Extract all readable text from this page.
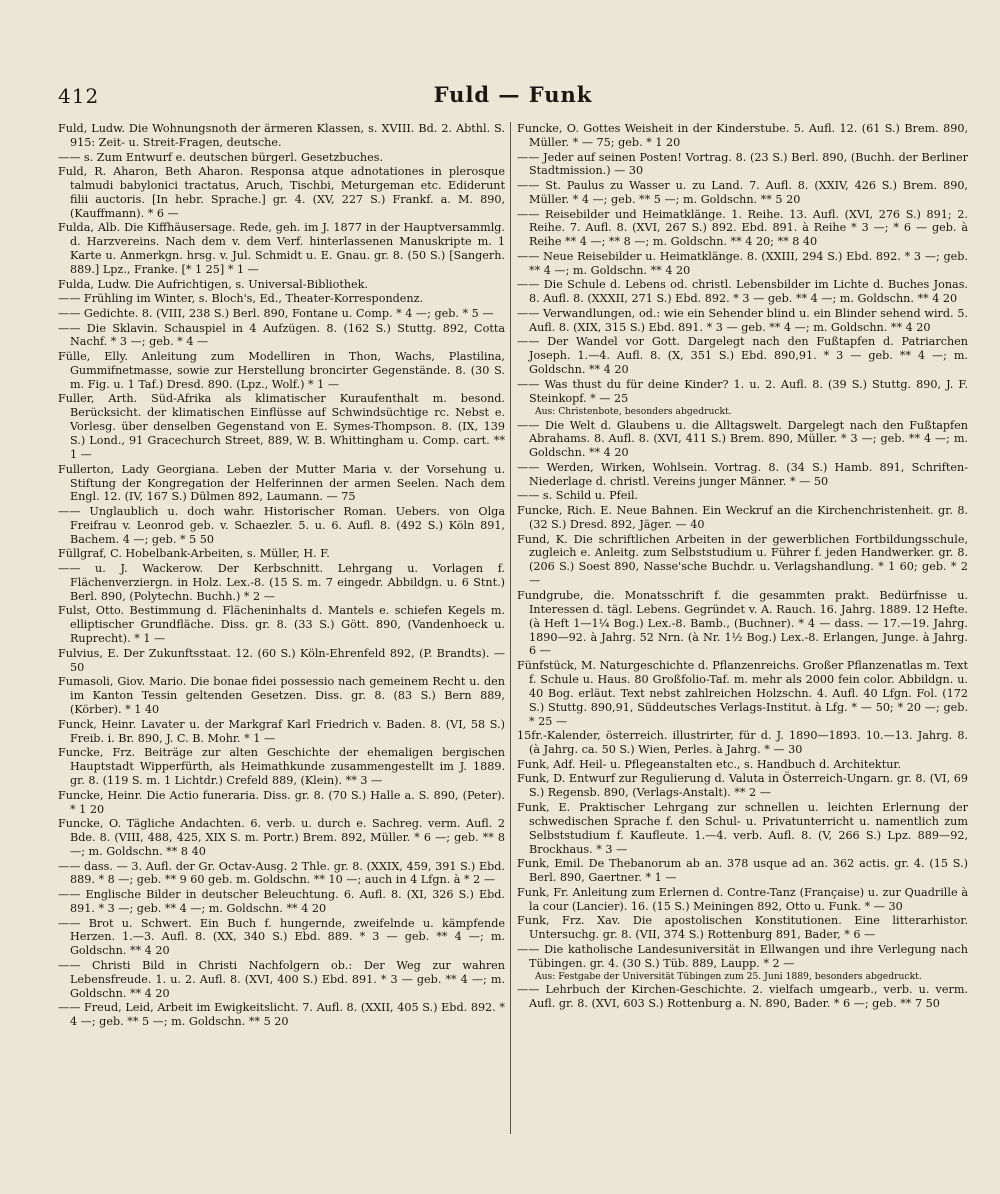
412	Fuld — Funk

Fuld, Ludw. Die Wohnungsnoth der ärmeren Klassen, s. XVIII. Bd. 2. Abthl. S. 915: Zeit- u. Streit-Fragen, deutsche.

—— s. Zum Entwurf e. deutschen bürgerl. Gesetzbuches.

Fuld, R. Aharon, Beth Aharon. Responsa atque adnotationes in plerosque talmudi babylonici tractatus, Aruch, Tischbi, Meturgeman etc. Ediderunt filii auctoris. [In hebr. Sprache.] gr. 4. (XV, 227 S.) Frankf. a. M. 890, (Kauffmann). * 6 —

Fulda, Alb. Die Kiffhäusersage. Rede, geh. im J. 1877 in der Hauptversammlg. d. Harzvereins. Nach dem v. dem Verf. hinterlassenen Manuskripte m. 1 Karte u. Anmerkgn. hrsg. v. Jul. Schmidt u. E. Gnau. gr. 8. (50 S.) [Sangerh. 889.] Lpz., Franke. [* 1 25] * 1 —

Fulda, Ludw. Die Aufrichtigen, s. Universal-Bibliothek.

—— Frühling im Winter, s. Bloch's, Ed., Theater-Korrespondenz.

—— Gedichte. 8. (VIII, 238 S.) Berl. 890, Fontane u. Comp. * 4 —; geb. * 5 —

—— Die Sklavin. Schauspiel in 4 Aufzügen. 8. (162 S.) Stuttg. 892, Cotta Nachf. * 3 —; geb. * 4 —

Fülle, Elly. Anleitung zum Modelliren in Thon, Wachs, Plastilina, Gummifnetmasse, sowie zur Herstellung broncirter Gegenstände. 8. (30 S. m. Fig. u. 1 Taf.) Dresd. 890. (Lpz., Wolf.) * 1 —

Fuller, Arth. Süd-Afrika als klimatischer Kuraufenthalt m. besond. Berücksicht. der klimatischen Einflüsse auf Schwindsüchtige rc. Nebst e. Vorlesg. über denselben Gegenstand von E. Symes-Thompson. 8. (IX, 139 S.) Lond., 91 Gracechurch Street, 889, W. B. Whittingham u. Comp. cart. ** 1 —

Fullerton, Lady Georgiana. Leben der Mutter Maria v. der Vorsehung u. Stiftung der Kongregation der Helferinnen der armen Seelen. Nach dem Engl. 12. (IV, 167 S.) Dülmen 892, Laumann. — 75

—— Unglaublich u. doch wahr. Historischer Roman. Uebers. von Olga Freifrau v. Leonrod geb. v. Schaezler. 5. u. 6. Aufl. 8. (492 S.) Köln 891, Bachem. 4 —; geb. * 5 50

Füllgraf, C. Hobelbank-Arbeiten, s. Müller, H. F.

—— u. J. Wackerow. Der Kerbschnitt. Lehrgang u. Vorlagen f. Flächenverziergn. in Holz. Lex.-8. (15 S. m. 7 eingedr. Abbildgn. u. 6 Stnt.) Berl. 890, (Polytechn. Buchh.) * 2 —

Fulst, Otto. Bestimmung d. Flächeninhalts d. Mantels e. schiefen Kegels m. elliptischer Grundfläche. Diss. gr. 8. (33 S.) Gött. 890, (Vandenhoeck u. Ruprecht). * 1 —

Fulvius, E. Der Zukunftsstaat. 12. (60 S.) Köln-Ehrenfeld 892, (P. Brandts). — 50

Fumasoli, Giov. Mario. Die bonae fidei possessio nach gemeinem Recht u. den im Kanton Tessin geltenden Gesetzen. Diss. gr. 8. (83 S.) Bern 889, (Körber). * 1 40

Funck, Heinr. Lavater u. der Markgraf Karl Friedrich v. Baden. 8. (VI, 58 S.) Freib. i. Br. 890, J. C. B. Mohr. * 1 —

Funcke, Frz. Beiträge zur alten Geschichte der ehemaligen bergischen Hauptstadt Wipperfürth, als Heimathkunde zusammengestellt im J. 1889. gr. 8. (119 S. m. 1 Lichtdr.) Crefeld 889, (Klein). ** 3 —

Funcke, Heinr. Die Actio funeraria. Diss. gr. 8. (70 S.) Halle a. S. 890, (Peter). * 1 20

Funcke, O. Tägliche Andachten. 6. verb. u. durch e. Sachreg. verm. Aufl. 2 Bde. 8. (VIII, 488, 425, XIX S. m. Portr.) Brem. 892, Müller. * 6 —; geb. ** 8 —; m. Goldschn. ** 8 40

—— dass. — 3. Aufl. der Gr. Octav-Ausg. 2 Thle. gr. 8. (XXIX, 459, 391 S.) Ebd. 889. * 8 —; geb. ** 9 60 geb. m. Goldschn. ** 10 —; auch in 4 Lfgn. à * 2 —

—— Englische Bilder in deutscher Beleuchtung. 6. Aufl. 8. (XI, 326 S.) Ebd. 891. * 3 —; geb. ** 4 —; m. Goldschn. ** 4 20

—— Brot u. Schwert. Ein Buch f. hungernde, zweifelnde u. kämpfende Herzen. 1.—3. Aufl. 8. (XX, 340 S.) Ebd. 889. * 3 — geb. ** 4 —; m. Goldschn. ** 4 20

—— Christi Bild in Christi Nachfolgern ob.: Der Weg zur wahren Lebensfreude. 1. u. 2. Aufl. 8. (XVI, 400 S.) Ebd. 891. * 3 — geb. ** 4 —; m. Goldschn. ** 4 20

—— Freud, Leid, Arbeit im Ewigkeitslicht. 7. Aufl. 8. (XXII, 405 S.) Ebd. 892. * 4 —; geb. ** 5 —; m. Goldschn. ** 5 20

Funcke, O. Gottes Weisheit in der Kinderstube. 5. Aufl. 12. (61 S.) Brem. 890, Müller. * — 75; geb. * 1 20

—— Jeder auf seinen Posten! Vortrag. 8. (23 S.) Berl. 890, (Buchh. der Berliner Stadtmission.) — 30

—— St. Paulus zu Wasser u. zu Land. 7. Aufl. 8. (XXIV, 426 S.) Brem. 890, Müller. * 4 —; geb. ** 5 —; m. Goldschn. ** 5 20

—— Reisebilder und Heimatklänge. 1. Reihe. 13. Aufl. (XVI, 276 S.) 891; 2. Reihe. 7. Aufl. 8. (XVI, 267 S.) 892. Ebd. 891. à Reihe * 3 —; * 6 — geb. à Reihe ** 4 —; ** 8 —; m. Goldschn. ** 4 20; ** 8 40

—— Neue Reisebilder u. Heimatklänge. 8. (XXIII, 294 S.) Ebd. 892. * 3 —; geb. ** 4 —; m. Goldschn. ** 4 20

—— Die Schule d. Lebens od. christl. Lebensbilder im Lichte d. Buches Jonas. 8. Aufl. 8. (XXXII, 271 S.) Ebd. 892. * 3 — geb. ** 4 —; m. Goldschn. ** 4 20

—— Verwandlungen, od.: wie ein Sehender blind u. ein Blinder sehend wird. 5. Aufl. 8. (XIX, 315 S.) Ebd. 891. * 3 — geb. ** 4 —; m. Goldschn. ** 4 20

—— Der Wandel vor Gott. Dargelegt nach den Fußtapfen d. Patriarchen Joseph. 1.—4. Aufl. 8. (X, 351 S.) Ebd. 890,91. * 3 — geb. ** 4 —; m. Goldschn. ** 4 20

—— Was thust du für deine Kinder? 1. u. 2. Aufl. 8. (39 S.) Stuttg. 890, J. F. Steinkopf. * — 25

Aus: Christenbote, besonders abgedruckt.

—— Die Welt d. Glaubens u. die Alltagswelt. Dargelegt nach den Fußtapfen Abrahams. 8. Aufl. 8. (XVI, 411 S.) Brem. 890, Müller. * 3 —; geb. ** 4 —; m. Goldschn. ** 4 20

—— Werden, Wirken, Wohlsein. Vortrag. 8. (34 S.) Hamb. 891, Schriften-Niederlage d. christl. Vereins junger Männer. * — 50

—— s. Schild u. Pfeil.

Funcke, Rich. E. Neue Bahnen. Ein Weckruf an die Kirchenchristenheit. gr. 8. (32 S.) Dresd. 892, Jäger. — 40

Fund, K. Die schriftlichen Arbeiten in der gewerblichen Fortbildungsschule, zugleich e. Anleitg. zum Selbststudium u. Führer f. jeden Handwerker. gr. 8. (206 S.) Soest 890, Nasse'sche Buchdr. u. Verlagshandlung. * 1 60; geb. * 2 —

Fundgrube, die. Monatsschrift f. die gesammten prakt. Bedürfnisse u. Interessen d. tägl. Lebens. Gegründet v. A. Rauch. 16. Jahrg. 1889. 12 Hefte. (à Heft 1—1¼ Bog.) Lex.-8. Bamb., (Buchner). * 4 — dass. — 17.—19. Jahrg. 1890—92. à Jahrg. 52 Nrn. (à Nr. 1½ Bog.) Lex.-8. Erlangen, Junge. à Jahrg. 6 —

Fünfstück, M. Naturgeschichte d. Pflanzenreichs. Großer Pflanzenatlas m. Text f. Schule u. Haus. 80 Großfolio-Taf. m. mehr als 2000 fein color. Abbildgn. u. 40 Bog. erläut. Text nebst zahlreichen Holzschn. 4. Aufl. 40 Lfgn. Fol. (172 S.) Stuttg. 890,91, Süddeutsches Verlags-Institut. à Lfg. * — 50; * 20 —; geb. * 25 —

15fr.-Kalender, österreich. illustrirter, für d. J. 1890—1893. 10.—13. Jahrg. 8. (à Jahrg. ca. 50 S.) Wien, Perles. à Jahrg. * — 30

Funk, Adf. Heil- u. Pflegeanstalten etc., s. Handbuch d. Architektur.

Funk, D. Entwurf zur Regulierung d. Valuta in Österreich-Ungarn. gr. 8. (VI, 69 S.) Regensb. 890, (Verlags-Anstalt). ** 2 —

Funk, E. Praktischer Lehrgang zur schnellen u. leichten Erlernung der schwedischen Sprache f. den Schul- u. Privatunterricht u. namentlich zum Selbststudium f. Kaufleute. 1.—4. verb. Aufl. 8. (V, 266 S.) Lpz. 889—92, Brockhaus. * 3 —

Funk, Emil. De Thebanorum ab an. 378 usque ad an. 362 actis. gr. 4. (15 S.) Berl. 890, Gaertner. * 1 —

Funk, Fr. Anleitung zum Erlernen d. Contre-Tanz (Française) u. zur Quadrille à la cour (Lancier). 16. (15 S.) Meiningen 892, Otto u. Funk. * — 30

Funk, Frz. Xav. Die apostolischen Konstitutionen. Eine litterarhistor. Untersuchg. gr. 8. (VII, 374 S.) Rottenburg 891, Bader, * 6 —

—— Die katholische Landesuniversität in Ellwangen und ihre Verlegung nach Tübingen. gr. 4. (30 S.) Tüb. 889, Laupp. * 2 —

Aus: Festgabe der Universität Tübingen zum 25. Juni 1889, besonders abgedruckt.

—— Lehrbuch der Kirchen-Geschichte. 2. vielfach umgearb., verb. u. verm. Aufl. gr. 8. (XVI, 603 S.) Rottenburg a. N. 890, Bader. * 6 —; geb. ** 7 50
